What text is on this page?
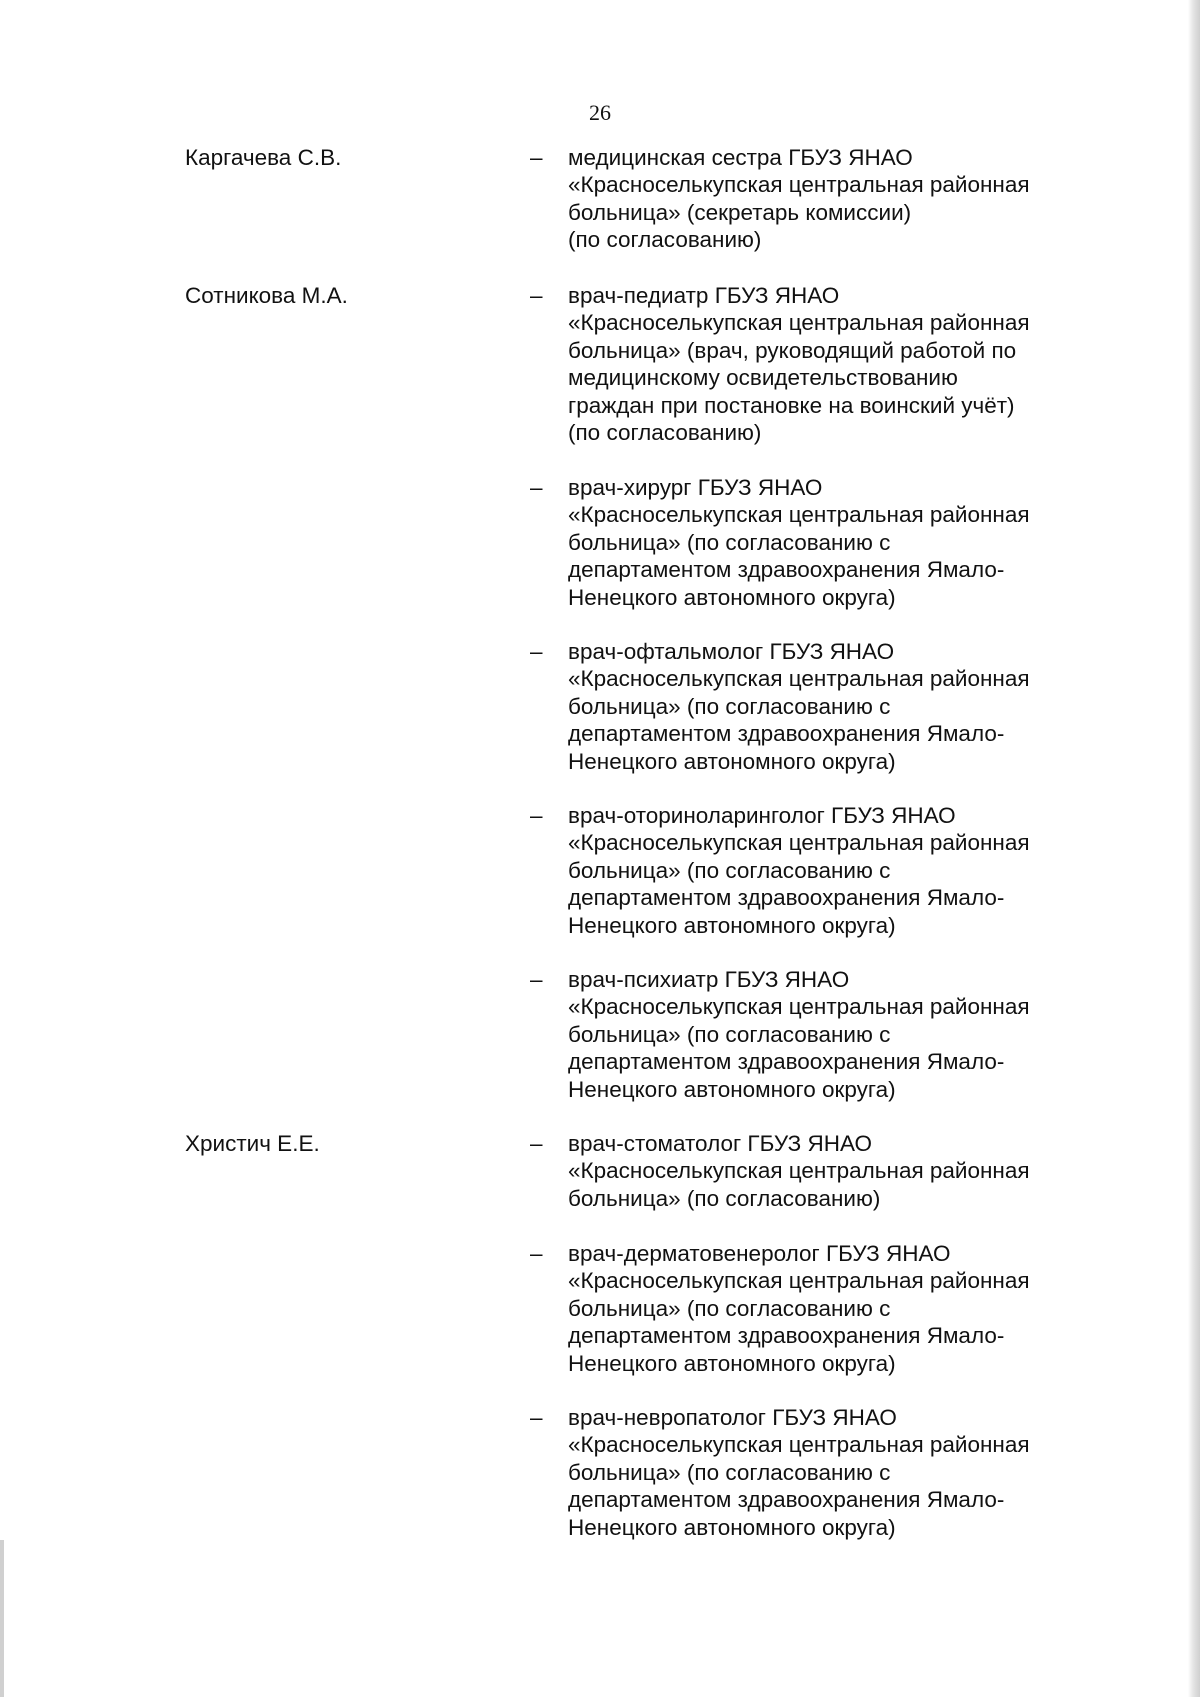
26
Каргачева С.В.	– медицинская сестра ГБУЗ ЯНАО
«Красноселькупская центральная районная
больница» (секретарь комиссии)
(по согласованию)
Сотникова М.А.	– врач-педиатр ГБУЗ ЯНАО
«Красноселькупская центральная районная
больница» (врач, руководящий работой по
медицинскому освидетельствованию
граждан при постановке на воинский учёт)
(по согласованию)
– врач-хирург ГБУЗ ЯНАО
«Красноселькупская центральная районная
больница» (по согласованию с
департаментом здравоохранения Ямало-
Ненецкого автономного округа)
– врач-офтальмолог ГБУЗ ЯНАО
«Красноселькупская центральная районная
больница» (по согласованию с
департаментом здравоохранения Ямало-
Ненецкого автономного округа)
– врач-оториноларинголог ГБУЗ ЯНАО
«Красноселькупская центральная районная
больница» (по согласованию с
департаментом здравоохранения Ямало-
Ненецкого автономного округа)
– врач-психиатр ГБУЗ ЯНАО
«Красноселькупская центральная районная
больница» (по согласованию с
департаментом здравоохранения Ямало-
Ненецкого автономного округа)
Христич Е.Е.	– врач-стоматолог ГБУЗ ЯНАО
«Красноселькупская центральная районная
больница» (по согласованию)
– врач-дерматовенеролог ГБУЗ ЯНАО
«Красноселькупская центральная районная
больница» (по согласованию с
департаментом здравоохранения Ямало-
Ненецкого автономного округа)
– врач-невропатолог ГБУЗ ЯНАО
«Красноселькупская центральная районная
больница» (по согласованию с
департаментом здравоохранения Ямало-
Ненецкого автономного округа)
